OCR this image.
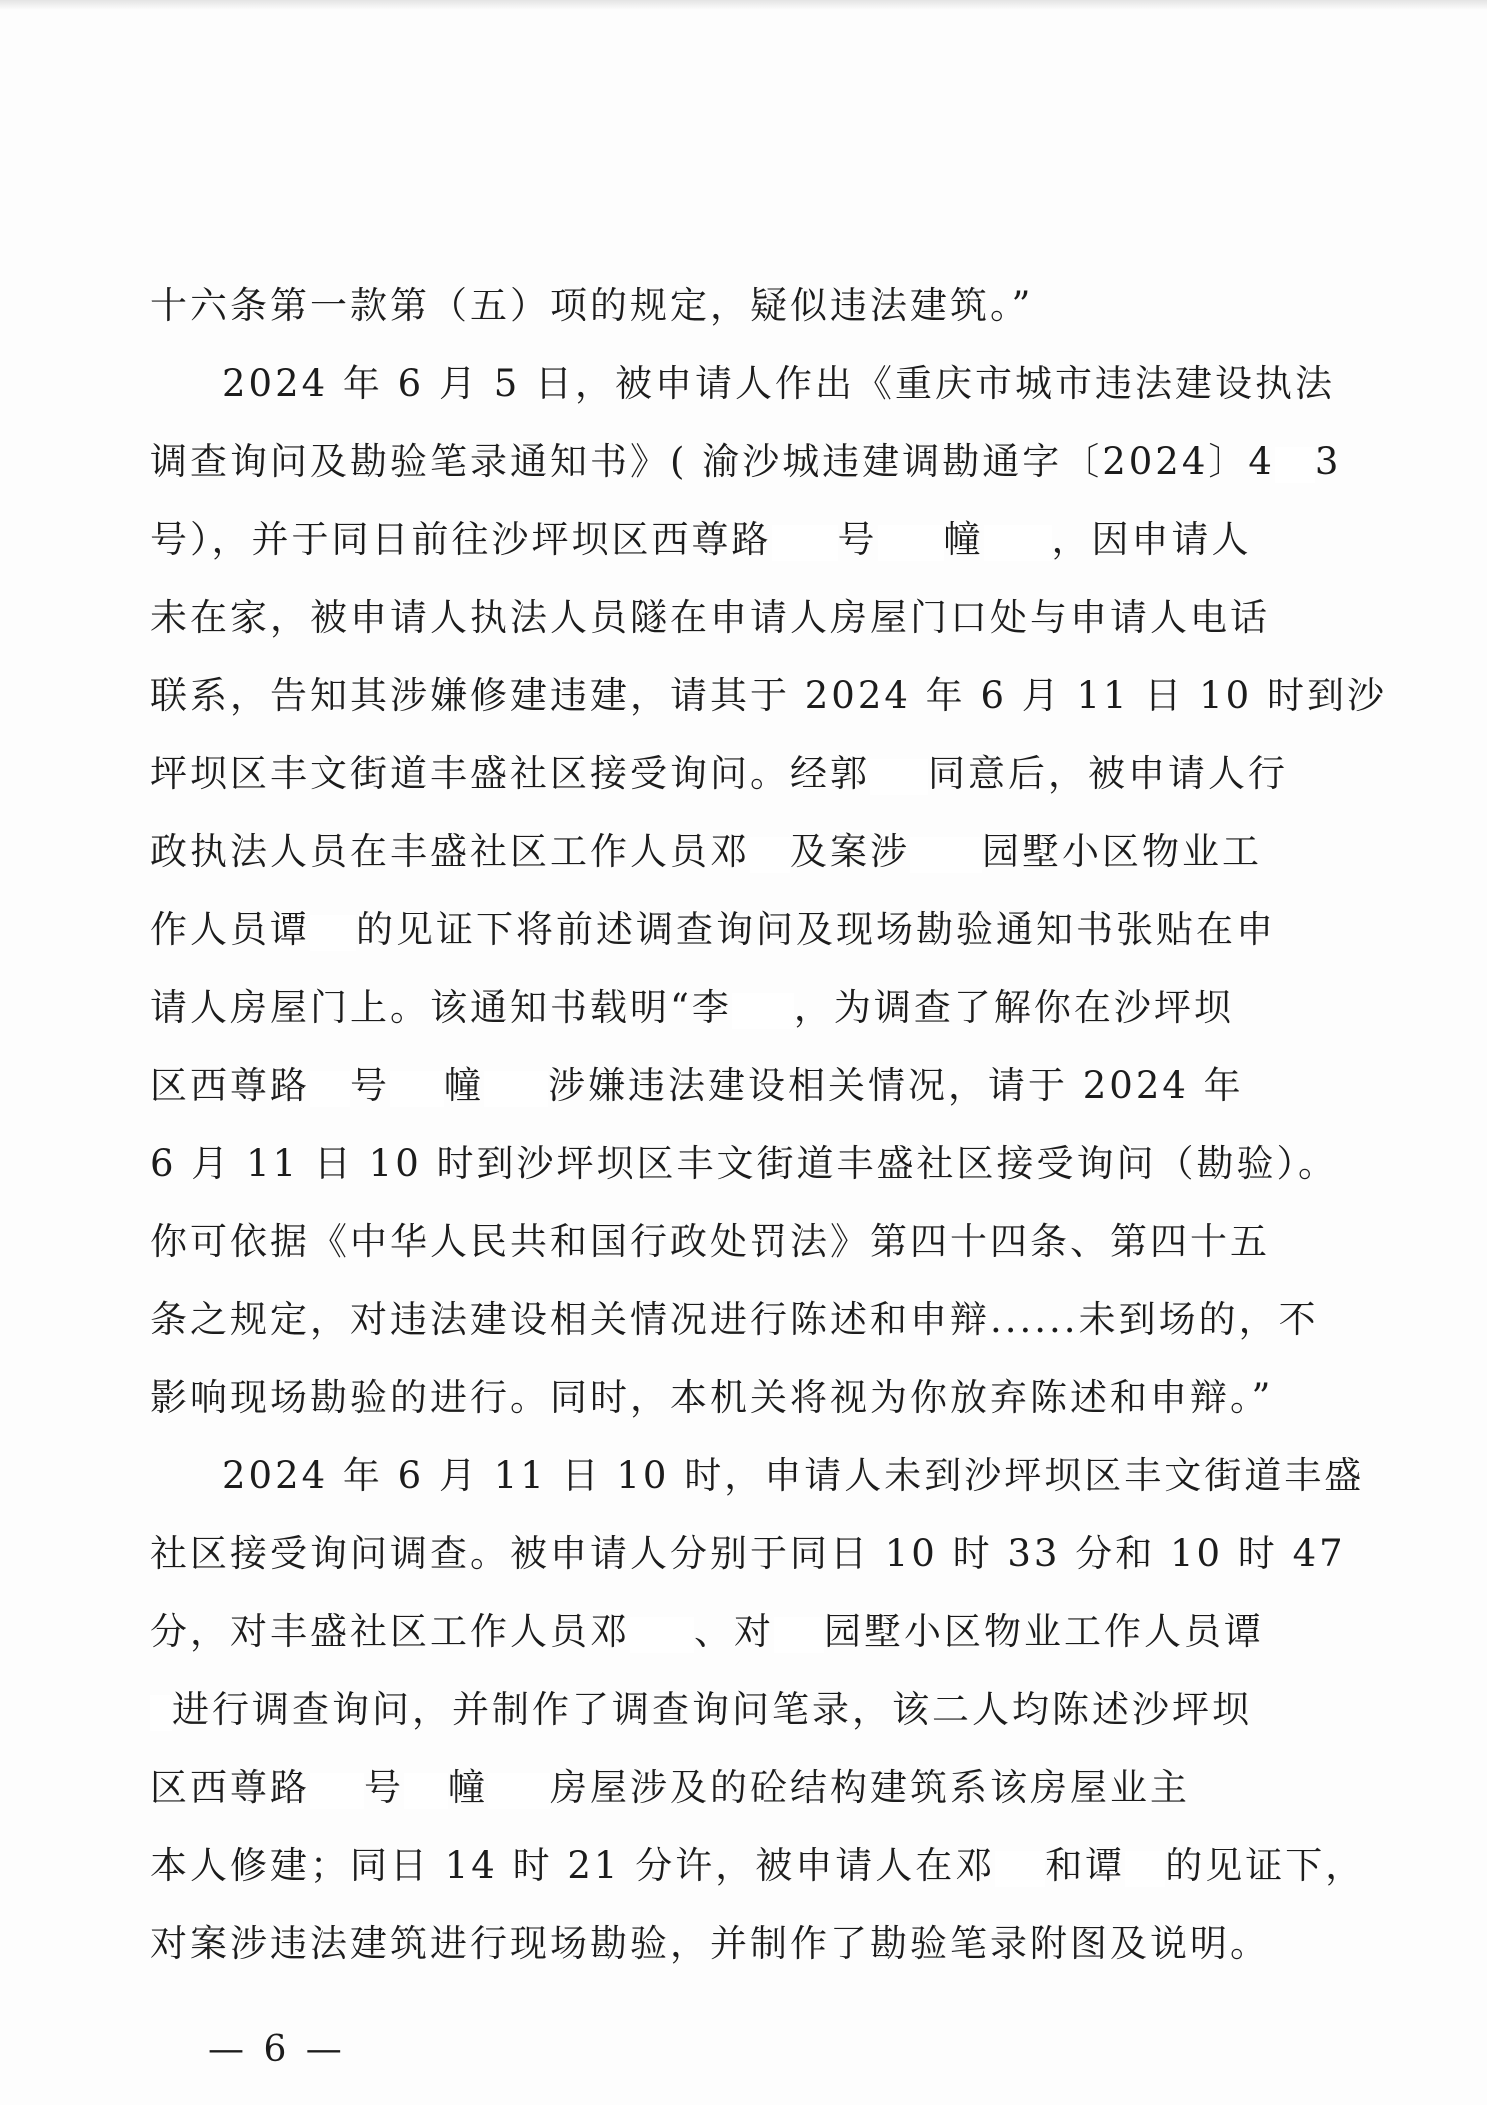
十六条第一款第（五）项的规定，疑似违法建筑。”

2024 年 6 月 5 日，被申请人作出《重庆市城市违法建设执法

调查询问及勘验笔录通知书》( 渝沙城违建调勘通字〔2024〕4 3

号），并于同日前往沙坪坝区西尊路 号 幢 ，因申请人

未在家，被申请人执法人员隧在申请人房屋门口处与申请人电话

联系，告知其涉嫌修建违建，请其于 2024 年 6 月 11 日 10 时到沙

坪坝区丰文街道丰盛社区接受询问。经郭 同意后，被申请人行

政执法人员在丰盛社区工作人员邓 及案涉 园墅小区物业工

作人员谭 的见证下将前述调查询问及现场勘验通知书张贴在申

请人房屋门上。该通知书载明“李 ，为调查了解你在沙坪坝

区西尊路 号 幢 涉嫌违法建设相关情况，请于 2024 年

6 月 11 日 10 时到沙坪坝区丰文街道丰盛社区接受询问（勘验）。

你可依据《中华人民共和国行政处罚法》第四十四条、第四十五

条之规定，对违法建设相关情况进行陈述和申辩......未到场的，不

影响现场勘验的进行。同时，本机关将视为你放弃陈述和申辩。”

2024 年 6 月 11 日 10 时，申请人未到沙坪坝区丰文街道丰盛

社区接受询问调查。被申请人分别于同日 10 时 33 分和 10 时 47

分，对丰盛社区工作人员邓 、对 园墅小区物业工作人员谭

进行调查询问，并制作了调查询问笔录，该二人均陈述沙坪坝

区西尊路 号 幢 房屋涉及的砼结构建筑系该房屋业主

本人修建；同日 14 时 21 分许，被申请人在邓 和谭 的见证下，

对案涉违法建筑进行现场勘验，并制作了勘验笔录附图及说明。

— 6 —
